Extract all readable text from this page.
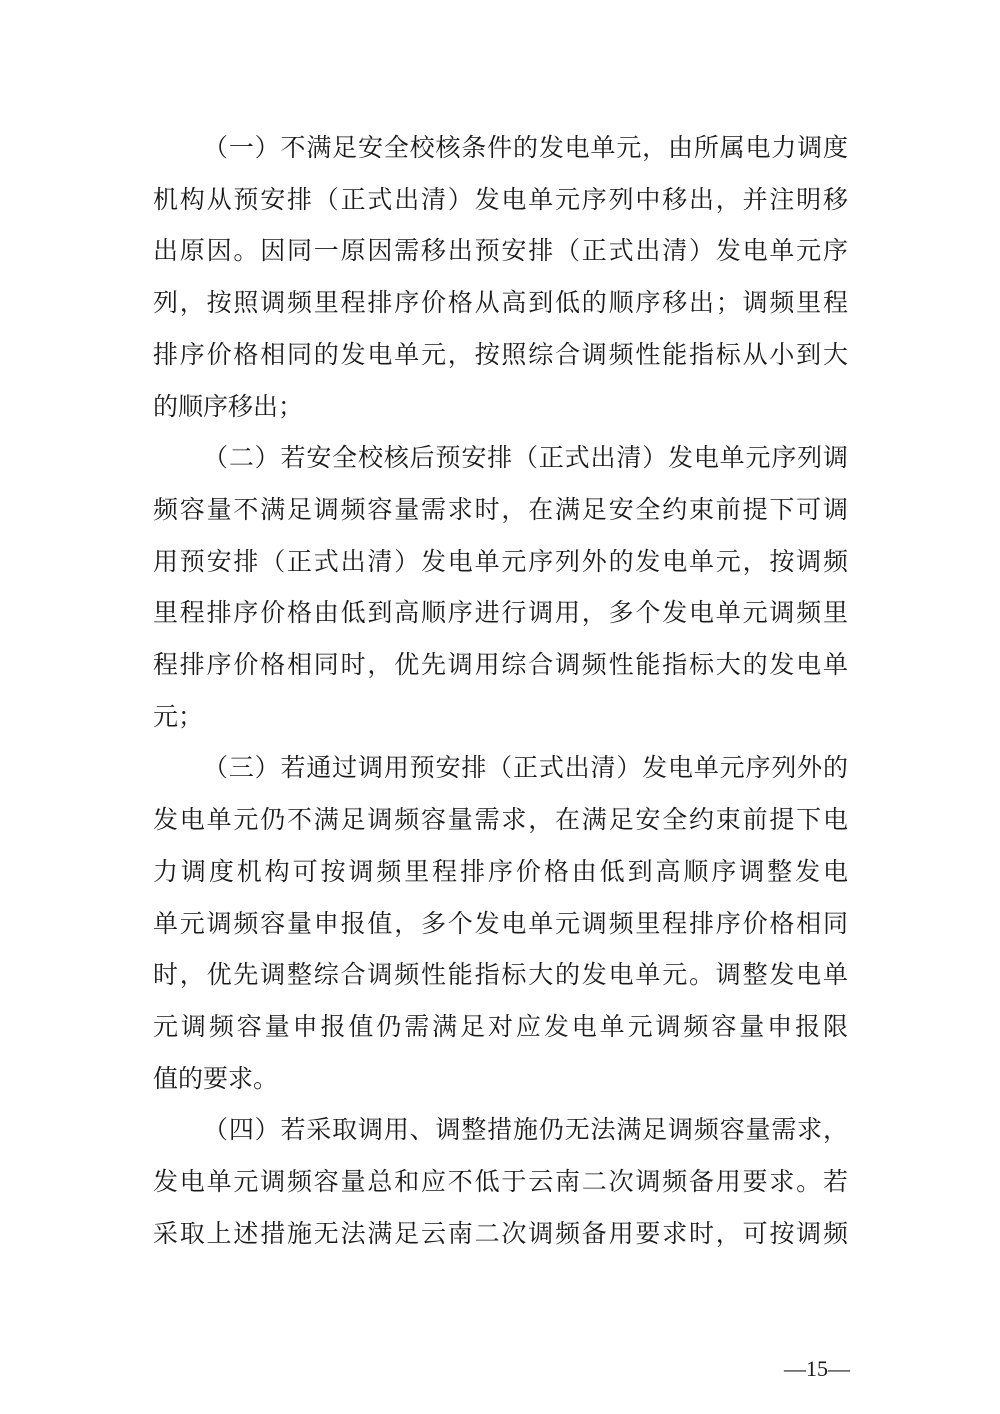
（一）不满足安全校核条件的发电单元，由所属电力调度
机构从预安排（正式出清）发电单元序列中移出，并注明移
出原因。因同一原因需移出预安排（正式出清）发电单元序
列，按照调频里程排序价格从高到低的顺序移出；调频里程
排序价格相同的发电单元，按照综合调频性能指标从小到大
的顺序移出；

（二）若安全校核后预安排（正式出清）发电单元序列调
频容量不满足调频容量需求时，在满足安全约束前提下可调
用预安排（正式出清）发电单元序列外的发电单元，按调频
里程排序价格由低到高顺序进行调用，多个发电单元调频里
程排序价格相同时，优先调用综合调频性能指标大的发电单
元；

（三）若通过调用预安排（正式出清）发电单元序列外的
发电单元仍不满足调频容量需求，在满足安全约束前提下电
力调度机构可按调频里程排序价格由低到高顺序调整发电
单元调频容量申报值，多个发电单元调频里程排序价格相同
时，优先调整综合调频性能指标大的发电单元。调整发电单
元调频容量申报值仍需满足对应发电单元调频容量申报限
值的要求。

（四）若采取调用、调整措施仍无法满足调频容量需求，
发电单元调频容量总和应不低于云南二次调频备用要求。若
采取上述措施无法满足云南二次调频备用要求时，可按调频

—15—
